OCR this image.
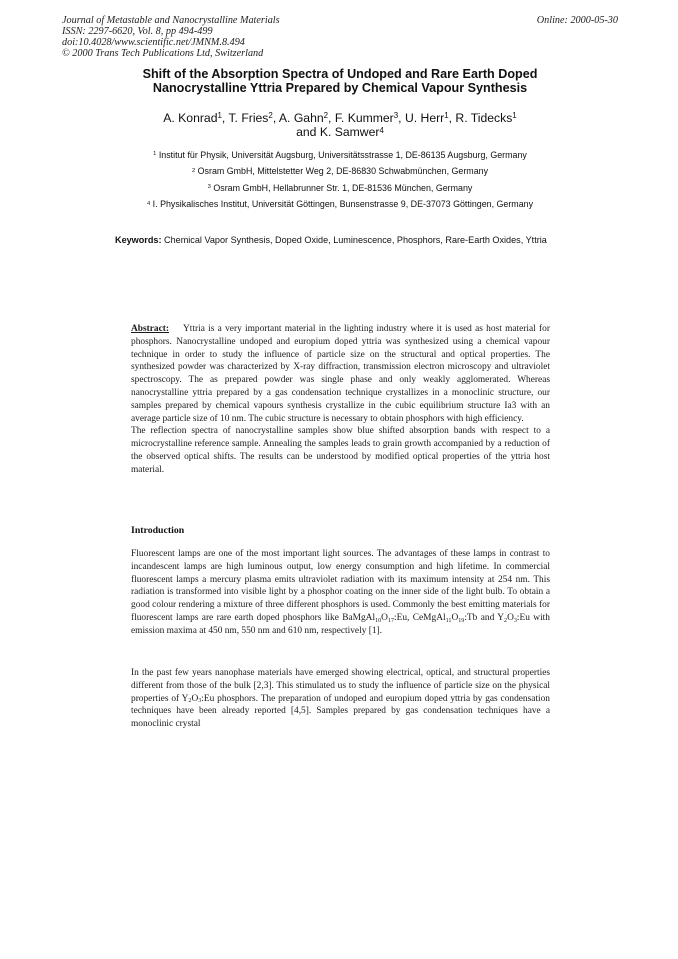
Journal of Metastable and Nanocrystalline Materials
ISSN: 2297-6620, Vol. 8, pp 494-499
doi:10.4028/www.scientific.net/JMNM.8.494
© 2000 Trans Tech Publications Ltd, Switzerland
Online: 2000-05-30
Shift of the Absorption Spectra of Undoped and Rare Earth Doped
Nanocrystalline Yttria Prepared by Chemical Vapour Synthesis
A. Konrad$^1$, T. Fries$^2$, A. Gahn$^2$, F. Kummer$^3$, U. Herr$^1$, R. Tidecks$^1$
and K. Samwer$^4$
$^1$ Institut für Physik, Universität Augsburg, Universitätsstrasse 1, DE-86135 Augsburg, Germany
$^2$ Osram GmbH, Mittelstetter Weg 2, DE-86830 Schwabmünchen, Germany
$^3$ Osram GmbH, Hellabrunner Str. 1, DE-81536 München, Germany
$^4$ I. Physikalisches Institut, Universität Göttingen, Bunsenstrasse 9, DE-37073 Göttingen, Germany
Keywords: Chemical Vapor Synthesis, Doped Oxide, Luminescence, Phosphors, Rare-Earth Oxides, Yttria

Abstract: Yttria is a very important material in the lighting industry where it is used as host material for phosphors. Nanocrystalline undoped and europium doped yttria was synthesized using a chemical vapour technique in order to study the influence of particle size on the structural and optical properties. The synthesized powder was characterized by X-ray diffraction, transmission electron microscopy and ultraviolet spectroscopy. The as prepared powder was single phase and only weakly agglomerated. Whereas nanocrystalline yttria prepared by a gas condensation technique crystallizes in a monoclinic structure, our samples prepared by chemical vapours synthesis crystallize in the cubic equilibrium structure Ia3 with an average particle size of 10 nm. The cubic structure is necessary to obtain phosphors with high efficiency.

The reflection spectra of nanocrystalline samples show blue shifted absorption bands with respect to a microcrystalline reference sample. Annealing the samples leads to grain growth accompanied by a reduction of the observed optical shifts. The results can be understood by modified optical properties of the yttria host material.

Introduction

Fluorescent lamps are one of the most important light sources. The advantages of these lamps in contrast to incandescent lamps are high luminous output, low energy consumption and high lifetime. In commercial fluorescent lamps a mercury plasma emits ultraviolet radiation with its maximum intensity at 254 nm. This radiation is transformed into visible light by a phosphor coating on the inner side of the light bulb. To obtain a good colour rendering a mixture of three different phosphors is used. Commonly the best emitting materials for fluorescent lamps are rare earth doped phosphors like $BaMgAl_{10}O_{17}:Eu$, $CeMgAl_{11}O_{19}:Tb$ and $Y_2O_3:Eu$ with emission maxima at 450 nm, 550 nm and 610 nm, respectively [1].

In the past few years nanophase materials have emerged showing electrical, optical, and structural properties different from those of the bulk [2,3]. This stimulated us to study the influence of particle size on the physical properties of $Y_2O_3:Eu$ phosphors. The preparation of undoped and europium doped yttria by gas condensation techniques have been already reported [4,5]. Samples prepared by gas condensation techniques have a monoclinic crystal
